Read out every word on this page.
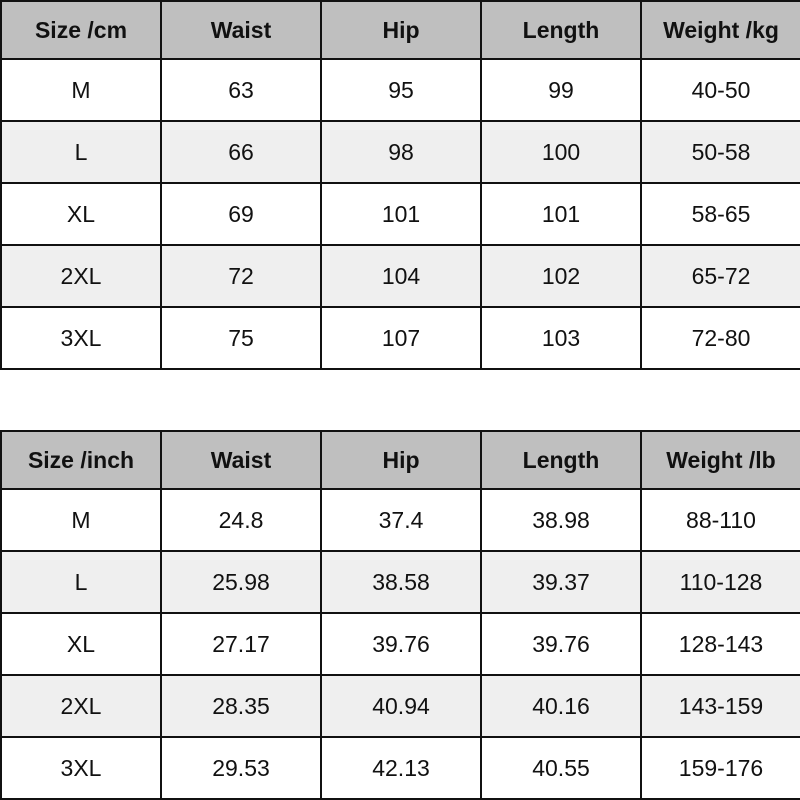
Size /cm	Waist	Hip	Length	Weight /kg
M	63	95	99	40-50
L	66	98	100	50-58
XL	69	101	101	58-65
2XL	72	104	102	65-72
3XL	75	107	103	72-80
Size /inch	Waist	Hip	Length	Weight /lb
M	24.8	37.4	38.98	88-110
L	25.98	38.58	39.37	110-128
XL	27.17	39.76	39.76	128-143
2XL	28.35	40.94	40.16	143-159
3XL	29.53	42.13	40.55	159-176
